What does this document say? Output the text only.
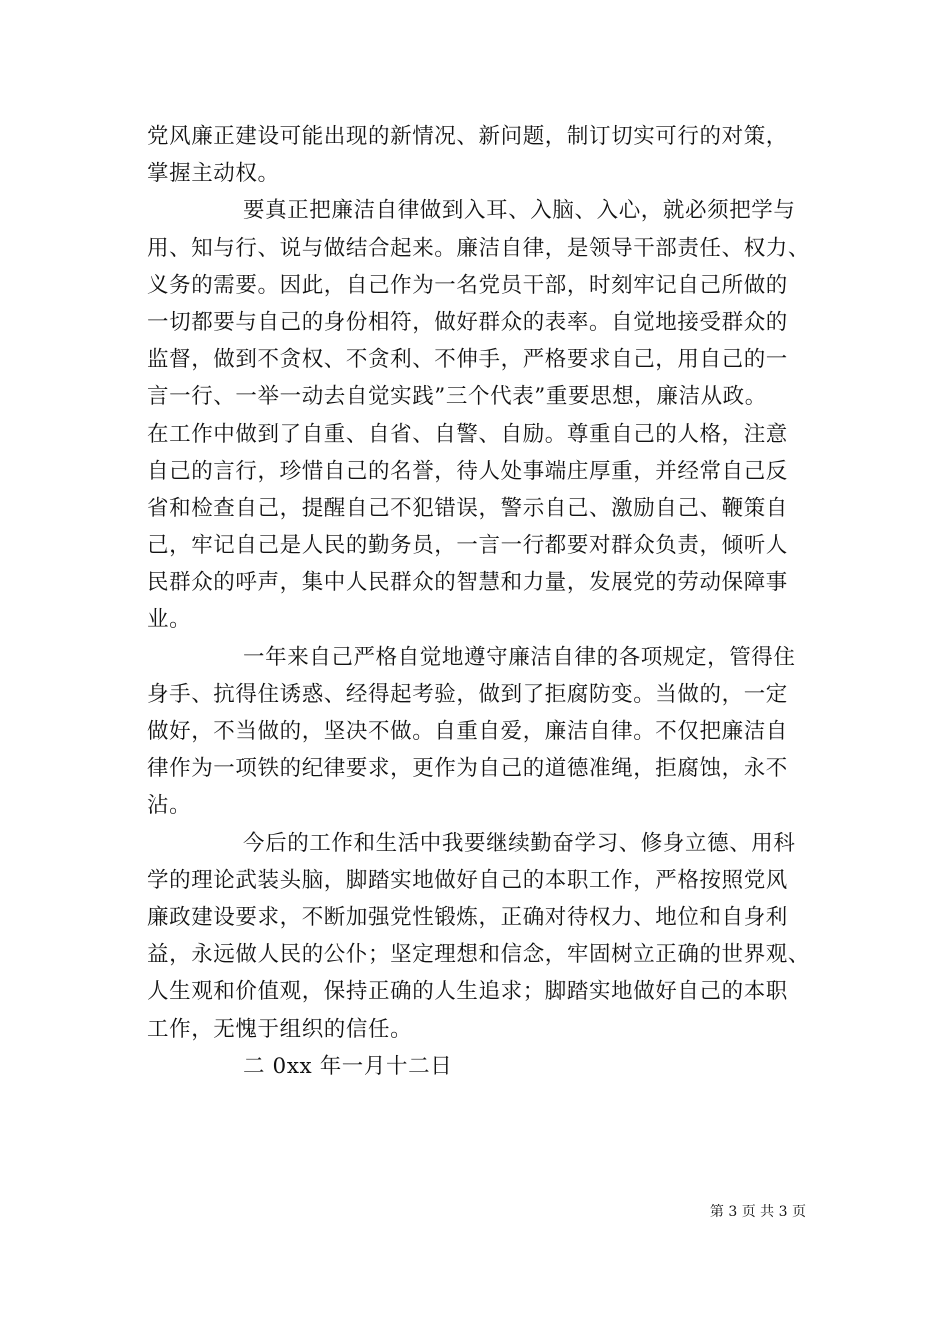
党风廉正建设可能出现的新情况、新问题，制订切实可行的对策，
掌握主动权。
要真正把廉洁自律做到入耳、入脑、入心，就必须把学与
用、知与行、说与做结合起来。廉洁自律，是领导干部责任、权力、
义务的需要。因此，自己作为一名党员干部，时刻牢记自己所做的
一切都要与自己的身份相符，做好群众的表率。自觉地接受群众的
监督，做到不贪权、不贪利、不伸手，严格要求自己，用自己的一
言一行、一举一动去自觉实践”三个代表”重要思想，廉洁从政。
在工作中做到了自重、自省、自警、自励。尊重自己的人格，注意
自己的言行，珍惜自己的名誉，待人处事端庄厚重，并经常自己反
省和检查自己，提醒自己不犯错误，警示自己、激励自己、鞭策自
己，牢记自己是人民的勤务员，一言一行都要对群众负责，倾听人
民群众的呼声，集中人民群众的智慧和力量，发展党的劳动保障事
业。
一年来自己严格自觉地遵守廉洁自律的各项规定，管得住
身手、抗得住诱惑、经得起考验，做到了拒腐防变。当做的，一定
做好，不当做的，坚决不做。自重自爱，廉洁自律。不仅把廉洁自
律作为一项铁的纪律要求，更作为自己的道德准绳，拒腐蚀，永不
沾。
今后的工作和生活中我要继续勤奋学习、修身立德、用科
学的理论武装头脑，脚踏实地做好自己的本职工作，严格按照党风
廉政建设要求，不断加强党性锻炼，正确对待权力、地位和自身利
益，永远做人民的公仆；坚定理想和信念，牢固树立正确的世界观、
人生观和价值观，保持正确的人生追求；脚踏实地做好自己的本职
工作，无愧于组织的信任。
二 0xx 年一月十二日
第 3 页 共 3 页
